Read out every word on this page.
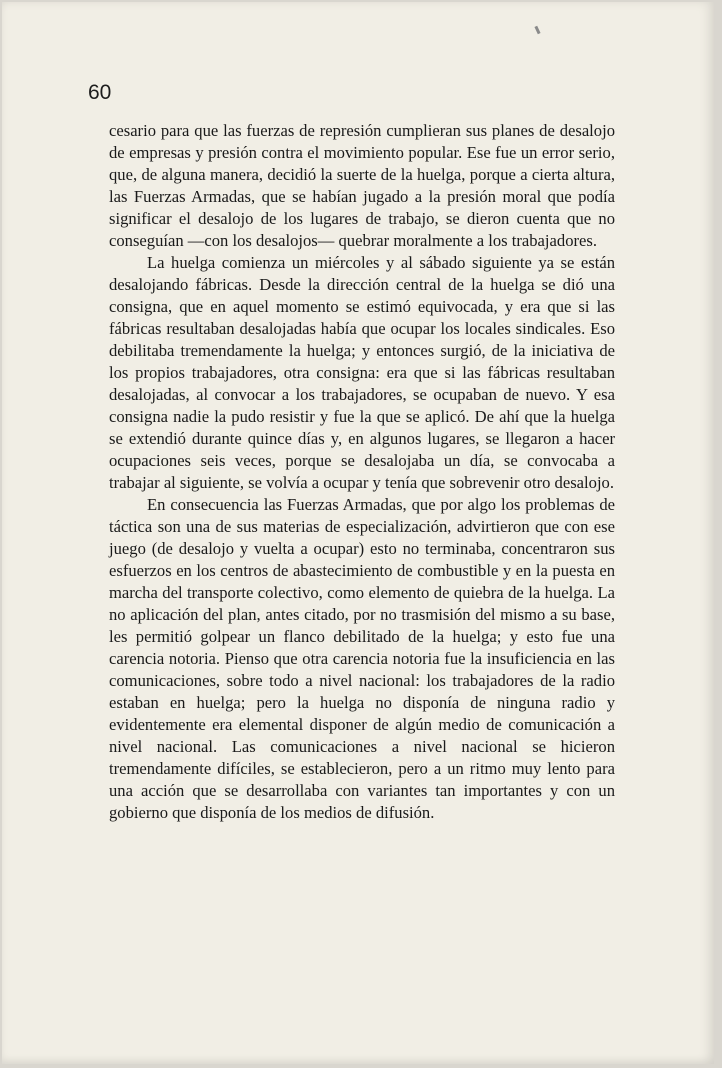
60

cesario para que las fuerzas de represión cumplieran sus planes de desalojo de empresas y presión contra el movimiento popular. Ese fue un error serio, que, de alguna manera, decidió la suerte de la huelga, porque a cierta altura, las Fuerzas Armadas, que se habían jugado a la presión moral que podía significar el desalojo de los lugares de trabajo, se dieron cuenta que no conseguían —con los desalojos— quebrar moralmente a los trabajadores.

La huelga comienza un miércoles y al sábado siguiente ya se están desalojando fábricas. Desde la dirección central de la huelga se dió una consigna, que en aquel momento se estimó equivocada, y era que si las fábricas resultaban desalojadas había que ocupar los locales sindicales. Eso debilitaba tremendamente la huelga; y entonces surgió, de la iniciativa de los propios trabajadores, otra consigna: era que si las fábricas resultaban desalojadas, al convocar a los trabajadores, se ocupaban de nuevo. Y esa consigna nadie la pudo resistir y fue la que se aplicó. De ahí que la huelga se extendió durante quince días y, en algunos lugares, se llegaron a hacer ocupaciones seis veces, porque se desalojaba un día, se convocaba a trabajar al siguiente, se volvía a ocupar y tenía que sobrevenir otro desalojo.

En consecuencia las Fuerzas Armadas, que por algo los problemas de táctica son una de sus materias de especialización, advirtieron que con ese juego (de desalojo y vuelta a ocupar) esto no terminaba, concentraron sus esfuerzos en los centros de abastecimiento de combustible y en la puesta en marcha del transporte colectivo, como elemento de quiebra de la huelga. La no aplicación del plan, antes citado, por no trasmisión del mismo a su base, les permitió golpear un flanco debilitado de la huelga; y esto fue una carencia notoria. Pienso que otra carencia notoria fue la insuficiencia en las comunicaciones, sobre todo a nivel nacional: los trabajadores de la radio estaban en huelga; pero la huelga no disponía de ninguna radio y evidentemente era elemental disponer de algún medio de comunicación a nivel nacional. Las comunicaciones a nivel nacional se hicieron tremendamente difíciles, se establecieron, pero a un ritmo muy lento para una acción que se desarrollaba con variantes tan importantes y con un gobierno que disponía de los medios de difusión.
